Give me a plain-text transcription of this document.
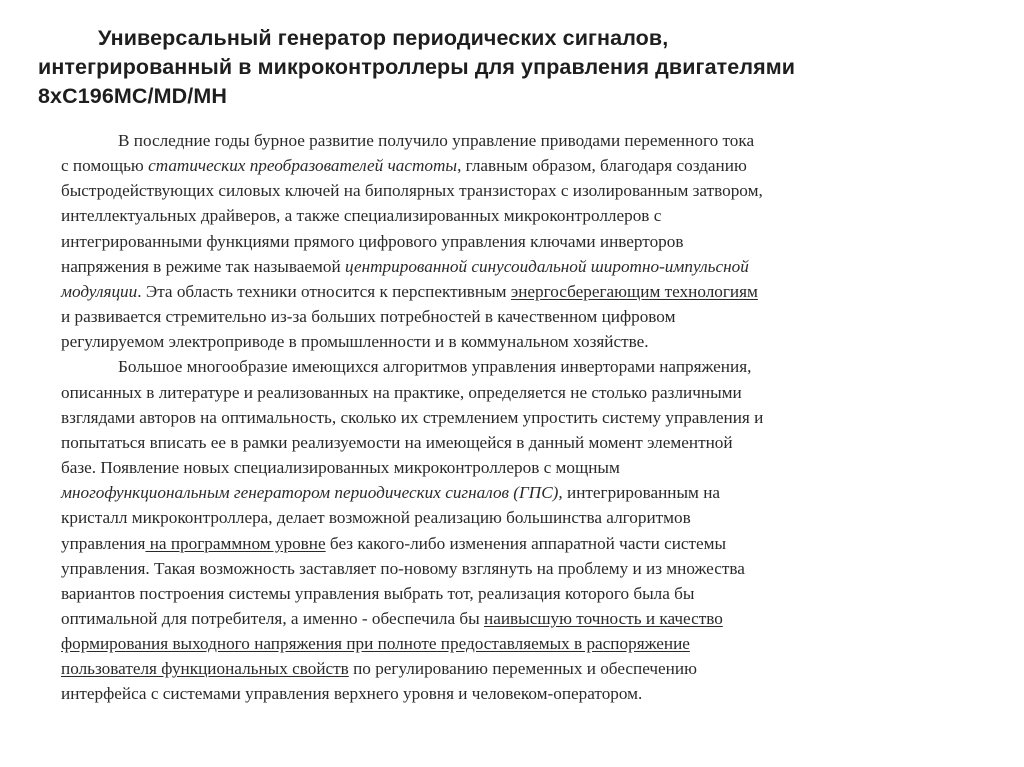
Универсальный генератор периодических сигналов,
интегрированный в микроконтроллеры для управления двигателями
8хС196МС/MD/MH
В последние годы бурное развитие получило управление приводами переменного тока
с помощью статических преобразователей частоты, главным образом, благодаря созданию
быстродействующих силовых ключей на биполярных транзисторах с изолированным затвором,
интеллектуальных драйверов, а также специализированных микроконтроллеров с
интегрированными функциями прямого цифрового управления ключами инверторов
напряжения в режиме так называемой центрированной синусоидальной широтно-импульсной
модуляции. Эта область техники относится к перспективным энергосберегающим технологиям
и развивается стремительно из-за больших потребностей в качественном цифровом
регулируемом электроприводе в промышленности и в коммунальном хозяйстве.
Большое многообразие имеющихся алгоритмов управления инверторами напряжения,
описанных в литературе и реализованных на практике, определяется не столько различными
взглядами авторов на оптимальность, сколько их стремлением упростить систему управления и
попытаться вписать ее в рамки реализуемости на имеющейся в данный момент элементной
базе. Появление новых специализированных микроконтроллеров с мощным
многофункциональным генератором периодических сигналов (ГПС), интегрированным на
кристалл микроконтроллера, делает возможной реализацию большинства алгоритмов
управления на программном уровне без какого-либо изменения аппаратной части системы
управления. Такая возможность заставляет по-новому взглянуть на проблему и из множества
вариантов построения системы управления выбрать тот, реализация которого была бы
оптимальной для потребителя, а именно - обеспечила бы наивысшую точность и качество
формирования выходного напряжения при полноте предоставляемых в распоряжение
пользователя функциональных свойств по регулированию переменных и обеспечению
интерфейса с системами управления верхнего уровня и человеком-оператором.
